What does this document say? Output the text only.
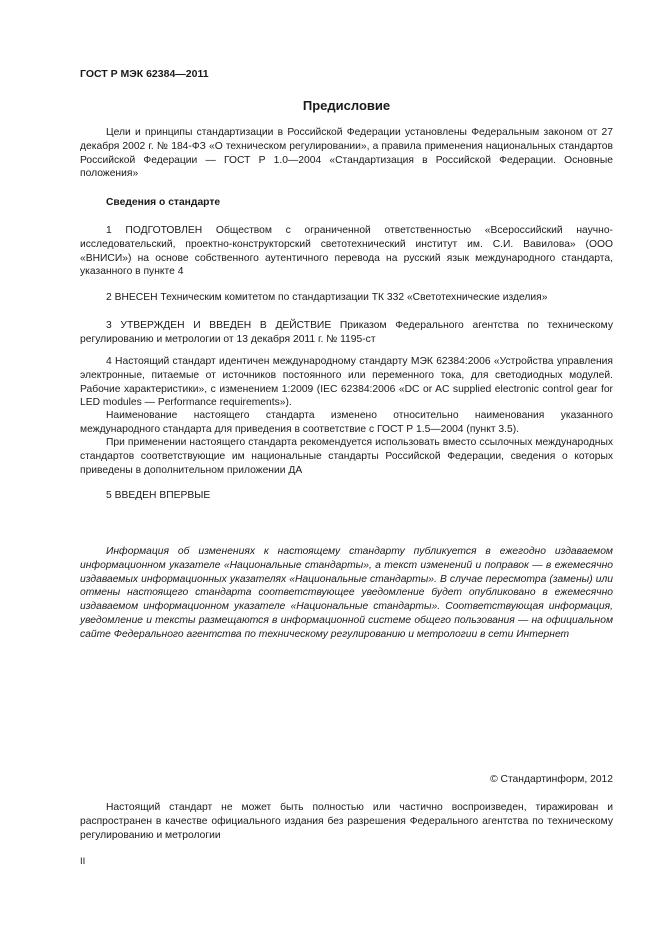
ГОСТ Р МЭК 62384—2011
Предисловие

Цели и принципы стандартизации в Российской Федерации установлены Федеральным законом от 27 декабря 2002 г. № 184-ФЗ «О техническом регулировании», а правила применения национальных стандартов Российской Федерации — ГОСТ Р 1.0—2004 «Стандартизация в Российской Федерации. Основные положения»

Сведения о стандарте

1 ПОДГОТОВЛЕН Обществом с ограниченной ответственностью «Всероссийский научно-исследовательский, проектно-конструкторский светотехнический институт им. С.И. Вавилова» (ООО «ВНИСИ») на основе собственного аутентичного перевода на русский язык международного стандарта, указанного в пункте 4

2 ВНЕСЕН Техническим комитетом по стандартизации ТК 332 «Светотехнические изделия»

3 УТВЕРЖДЕН И ВВЕДЕН В ДЕЙСТВИЕ Приказом Федерального агентства по техническому регулированию и метрологии от 13 декабря 2011 г. № 1195-ст

4 Настоящий стандарт идентичен международному стандарту МЭК 62384:2006 «Устройства управления электронные, питаемые от источников постоянного или переменного тока, для светодиодных модулей. Рабочие характеристики», с изменением 1:2009 (IEC 62384:2006 «DC or AC supplied electronic control gear for LED modules — Performance requirements»).

Наименование настоящего стандарта изменено относительно наименования указанного международного стандарта для приведения в соответствие с ГОСТ Р 1.5—2004 (пункт 3.5).

При применении настоящего стандарта рекомендуется использовать вместо ссылочных международных стандартов соответствующие им национальные стандарты Российской Федерации, сведения о которых приведены в дополнительном приложении ДА

5 ВВЕДЕН ВПЕРВЫЕ

Информация об изменениях к настоящему стандарту публикуется в ежегодно издаваемом информационном указателе «Национальные стандарты», а текст изменений и поправок — в ежемесячно издаваемых информационных указателях «Национальные стандарты». В случае пересмотра (замены) или отмены настоящего стандарта соответствующее уведомление будет опубликовано в ежемесячно издаваемом информационном указателе «Национальные стандарты». Соответствующая информация, уведомление и тексты размещаются в информационной системе общего пользования — на официальном сайте Федерального агентства по техническому регулированию и метрологии в сети Интернет

© Стандартинформ, 2012

Настоящий стандарт не может быть полностью или частично воспроизведен, тиражирован и распространен в качестве официального издания без разрешения Федерального агентства по техническому регулированию и метрологии

II
